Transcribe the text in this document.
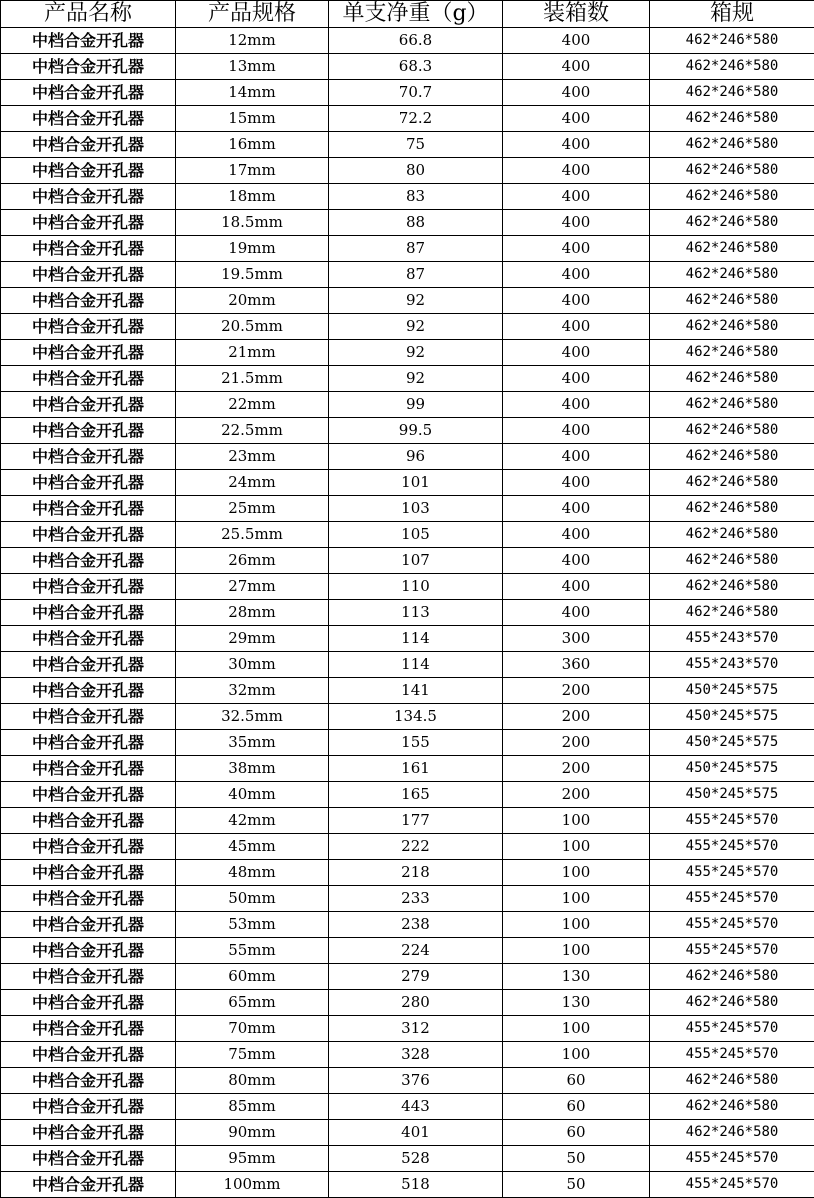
产品名称	产品规格	单支净重（g）	装箱数	箱规
中档合金开孔器	12mm	66.8	400	462*246*580
中档合金开孔器	13mm	68.3	400	462*246*580
中档合金开孔器	14mm	70.7	400	462*246*580
中档合金开孔器	15mm	72.2	400	462*246*580
中档合金开孔器	16mm	75	400	462*246*580
中档合金开孔器	17mm	80	400	462*246*580
中档合金开孔器	18mm	83	400	462*246*580
中档合金开孔器	18.5mm	88	400	462*246*580
中档合金开孔器	19mm	87	400	462*246*580
中档合金开孔器	19.5mm	87	400	462*246*580
中档合金开孔器	20mm	92	400	462*246*580
中档合金开孔器	20.5mm	92	400	462*246*580
中档合金开孔器	21mm	92	400	462*246*580
中档合金开孔器	21.5mm	92	400	462*246*580
中档合金开孔器	22mm	99	400	462*246*580
中档合金开孔器	22.5mm	99.5	400	462*246*580
中档合金开孔器	23mm	96	400	462*246*580
中档合金开孔器	24mm	101	400	462*246*580
中档合金开孔器	25mm	103	400	462*246*580
中档合金开孔器	25.5mm	105	400	462*246*580
中档合金开孔器	26mm	107	400	462*246*580
中档合金开孔器	27mm	110	400	462*246*580
中档合金开孔器	28mm	113	400	462*246*580
中档合金开孔器	29mm	114	300	455*243*570
中档合金开孔器	30mm	114	360	455*243*570
中档合金开孔器	32mm	141	200	450*245*575
中档合金开孔器	32.5mm	134.5	200	450*245*575
中档合金开孔器	35mm	155	200	450*245*575
中档合金开孔器	38mm	161	200	450*245*575
中档合金开孔器	40mm	165	200	450*245*575
中档合金开孔器	42mm	177	100	455*245*570
中档合金开孔器	45mm	222	100	455*245*570
中档合金开孔器	48mm	218	100	455*245*570
中档合金开孔器	50mm	233	100	455*245*570
中档合金开孔器	53mm	238	100	455*245*570
中档合金开孔器	55mm	224	100	455*245*570
中档合金开孔器	60mm	279	130	462*246*580
中档合金开孔器	65mm	280	130	462*246*580
中档合金开孔器	70mm	312	100	455*245*570
中档合金开孔器	75mm	328	100	455*245*570
中档合金开孔器	80mm	376	60	462*246*580
中档合金开孔器	85mm	443	60	462*246*580
中档合金开孔器	90mm	401	60	462*246*580
中档合金开孔器	95mm	528	50	455*245*570
中档合金开孔器	100mm	518	50	455*245*570
